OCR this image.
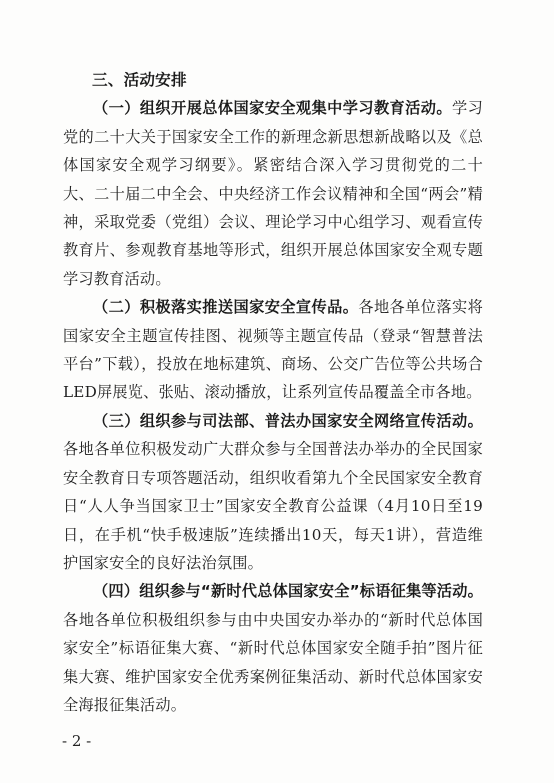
三、活动安排

（一）组织开展总体国家安全观集中学习教育活动。学习党的二十大关于国家安全工作的新理念新思想新战略以及《总体国家安全观学习纲要》。紧密结合深入学习贯彻党的二十大、二十届二中全会、中央经济工作会议精神和全国“两会”精神，采取党委（党组）会议、理论学习中心组学习、观看宣传教育片、参观教育基地等形式，组织开展总体国家安全观专题学习教育活动。

（二）积极落实推送国家安全宣传品。各地各单位落实将国家安全主题宣传挂图、视频等主题宣传品（登录“智慧普法平台”下载），投放在地标建筑、商场、公交广告位等公共场合LED屏展览、张贴、滚动播放，让系列宣传品覆盖全市各地。

（三）组织参与司法部、普法办国家安全网络宣传活动。各地各单位积极发动广大群众参与全国普法办举办的全民国家安全教育日专项答题活动，组织收看第九个全民国家安全教育日“人人争当国家卫士”国家安全教育公益课（4月10日至19日，在手机“快手极速版”连续播出10天，每天1讲），营造维护国家安全的良好法治氛围。

（四）组织参与“新时代总体国家安全”标语征集等活动。各地各单位积极组织参与由中央国安办举办的“新时代总体国家安全”标语征集大赛、“新时代总体国家安全随手拍”图片征集大赛、维护国家安全优秀案例征集活动、新时代总体国家安全海报征集活动。

- 2 -
